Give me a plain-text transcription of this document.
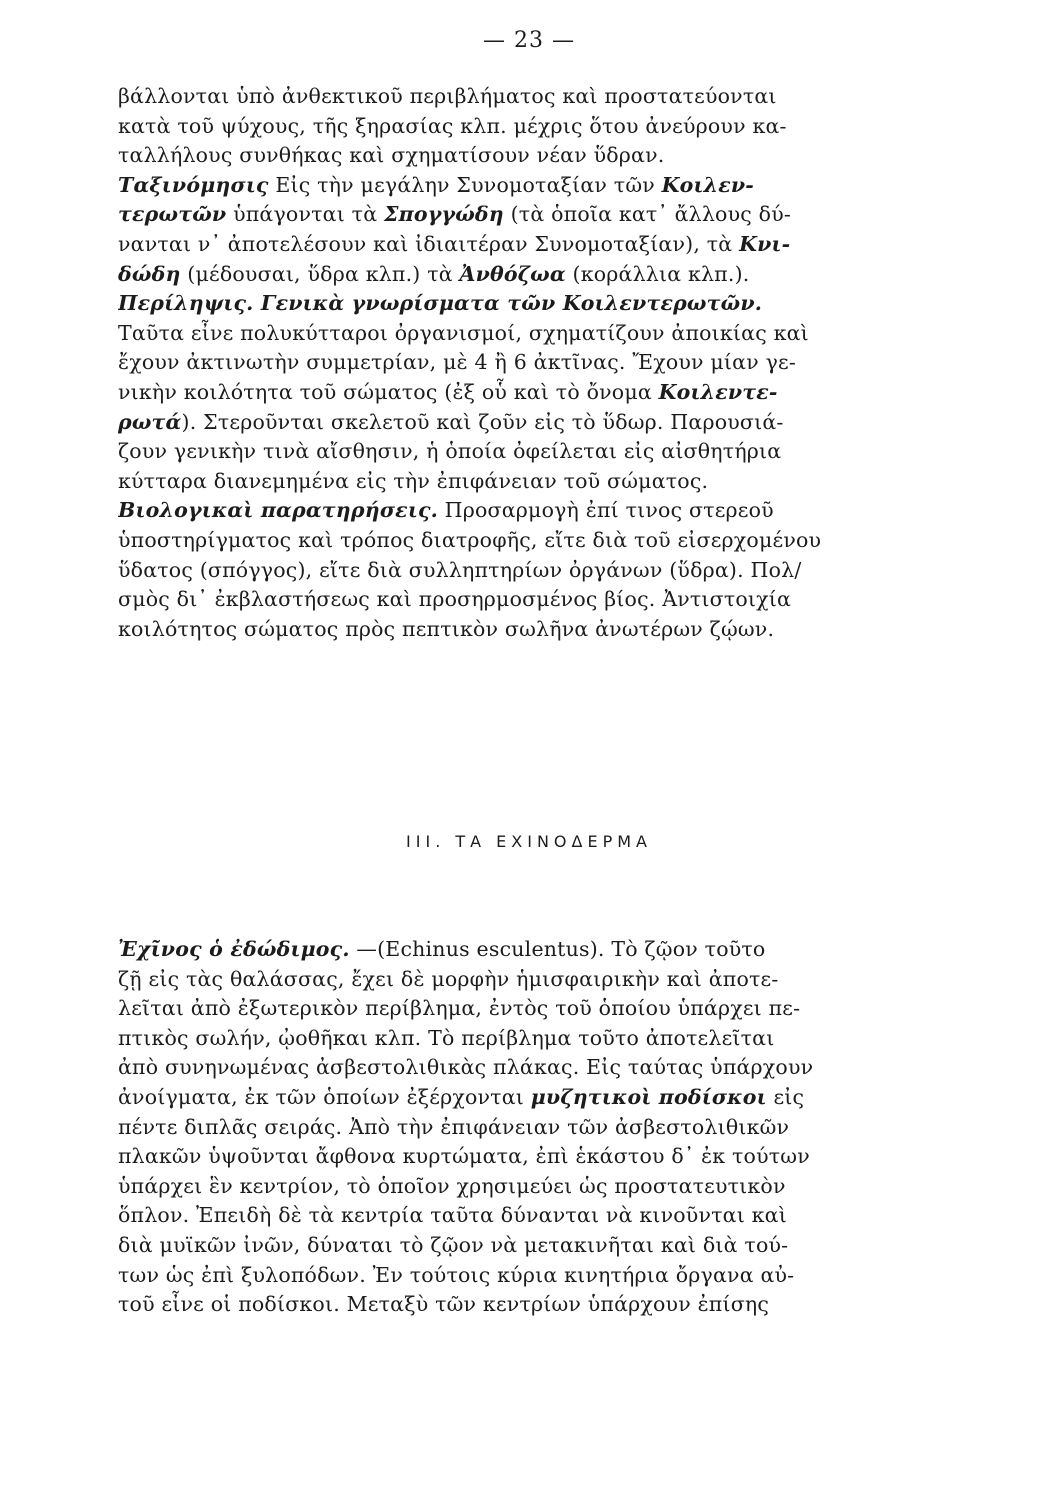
— 23 —
βάλλονται ὑπὸ ἀνθεκτικοῦ περιβλήματος καὶ προστατεύονται
κατὰ τοῦ ψύχους, τῆς ξηρασίας κλπ. μέχρις ὅτου ἀνεύρουν κα-
ταλλήλους συνθήκας καὶ σχηματίσουν νέαν ὕδραν.
Ταξινόμησις Εἰς τὴν μεγάλην Συνομοταξίαν τῶν Κοιλεν-
τερωτῶν ὑπάγονται τὰ Σπογγώδη (τὰ ὁποῖα κατ᾽ ἄλλους δύ-
νανται ν᾽ ἀποτελέσουν καὶ ἰδιαιτέραν Συνομοταξίαν), τὰ Κνι-
δώδη (μέδουσαι, ὕδρα κλπ.) τὰ Ἀνθόζωα (κοράλλια κλπ.).
Περίληψις. Γενικὰ γνωρίσματα τῶν Κοιλεντερωτῶν.
Ταῦτα εἶνε πολυκύτταροι ὀργανισμοί, σχηματίζουν ἀποικίας καὶ
ἔχουν ἀκτινωτὴν συμμετρίαν, μὲ 4 ἢ 6 ἀκτῖνας. Ἔχουν μίαν γε-
νικὴν κοιλότητα τοῦ σώματος (ἐξ οὗ καὶ τὸ ὄνομα Κοιλεντε-
ρωτά). Στεροῦνται σκελετοῦ καὶ ζοῦν εἰς τὸ ὕδωρ. Παρουσιά-
ζουν γενικὴν τινὰ αἴσθησιν, ἡ ὁποία ὀφείλεται εἰς αἰσθητήρια
κύτταρα διανεμημένα εἰς τὴν ἐπιφάνειαν τοῦ σώματος.
Βιολογικαὶ παρατηρήσεις. Προσαρμογὴ ἐπί τινος στερεοῦ
ὑποστηρίγματος καὶ τρόπος διατροφῆς, εἴτε διὰ τοῦ εἰσερχομένου
ὕδατος (σπόγγος), εἴτε διὰ συλληπτηρίων ὀργάνων (ὕδρα). Πολ/
σμὸς δι᾽ ἐκβλαστήσεως καὶ προσηρμοσμένος βίος. Ἀντιστοιχία
κοιλότητος σώματος πρὸς πεπτικὸν σωλῆνα ἀνωτέρων ζῴων.
III. ΤΑ ΕΧΙΝΟΔΕΡΜΑ
Ἐχῖνος ὁ ἐδώδιμος. —(Echinus esculentus). Τὸ ζῷον τοῦτο
ζῇ εἰς τὰς θαλάσσας, ἔχει δὲ μορφὴν ἡμισφαιρικὴν καὶ ἀποτε-
λεῖται ἀπὸ ἐξωτερικὸν περίβλημα, ἐντὸς τοῦ ὁποίου ὑπάρχει πε-
πτικὸς σωλήν, ᾠοθῆκαι κλπ. Τὸ περίβλημα τοῦτο ἀποτελεῖται
ἀπὸ συνηνωμένας ἀσβεστολιθικὰς πλάκας. Εἰς ταύτας ὑπάρχουν
ἀνοίγματα, ἐκ τῶν ὁποίων ἐξέρχονται μυζητικοὶ ποδίσκοι εἰς
πέντε διπλᾶς σειράς. Ἀπὸ τὴν ἐπιφάνειαν τῶν ἀσβεστολιθικῶν
πλακῶν ὑψοῦνται ἄφθονα κυρτώματα, ἐπὶ ἑκάστου δ᾽ ἐκ τούτων
ὑπάρχει ἓν κεντρίον, τὸ ὁποῖον χρησιμεύει ὡς προστατευτικὸν
ὅπλον. Ἐπειδὴ δὲ τὰ κεντρία ταῦτα δύνανται νὰ κινοῦνται καὶ
διὰ μυϊκῶν ἰνῶν, δύναται τὸ ζῷον νὰ μετακινῆται καὶ διὰ τού-
των ὡς ἐπὶ ξυλοπόδων. Ἐν τούτοις κύρια κινητήρια ὄργανα αὐ-
τοῦ εἶνε οἱ ποδίσκοι. Μεταξὺ τῶν κεντρίων ὑπάρχουν ἐπίσης
